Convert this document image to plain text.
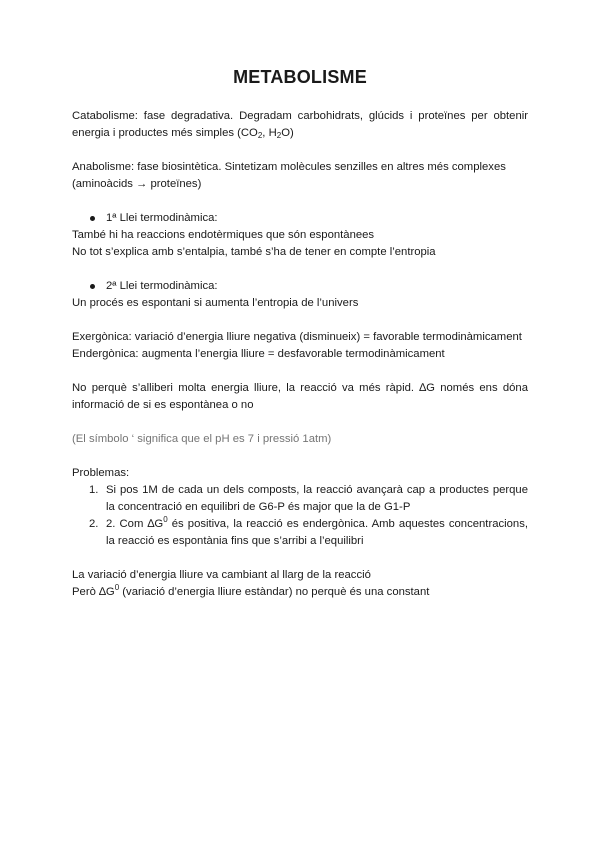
METABOLISME

Catabolisme: fase degradativa. Degradam carbohidrats, glúcids i proteïnes per obtenir energia i productes més simples ($CO_2$, $H_2O$)

Anabolisme: fase biosintètica. Sintetizam molècules senzilles en altres més complexes

(aminoàcids → proteïnes)

1ª Llei termodinàmica:

També hi ha reaccions endotèrmiques que són espontànees

No tot s’explica amb s’entalpia, també s’ha de tener en compte l’entropia

2ª Llei termodinàmica:

Un procés es espontani si aumenta l’entropia de l’univers

Exergònica: variació d’energia lliure negativa (disminueix) = favorable termodinàmicament

Endergònica: augmenta l’energia lliure = desfavorable termodinàmicament

No perquè s’alliberi molta energia lliure, la reacció va més ràpid. ∆G només ens dóna informació de si es espontànea o no

(El símbolo ‘ significa que el pH es 7 i pressió 1atm)

Problemas:

1. Si pos 1M de cada un dels composts, la reacció avançarà cap a productes perque la concentració en equilibri de G6-P és major que la de G1-P
2. 2. Com $\Delta G^0$ és positiva, la reacció es endergònica. Amb aquestes concentracions, la reacció es espontània fins que s’arribi a l’equilibri

La variació d’energia lliure va cambiant al llarg de la reacció

Però $\Delta G^0$ (variació d’energia lliure estàndar) no perquè és una constant
